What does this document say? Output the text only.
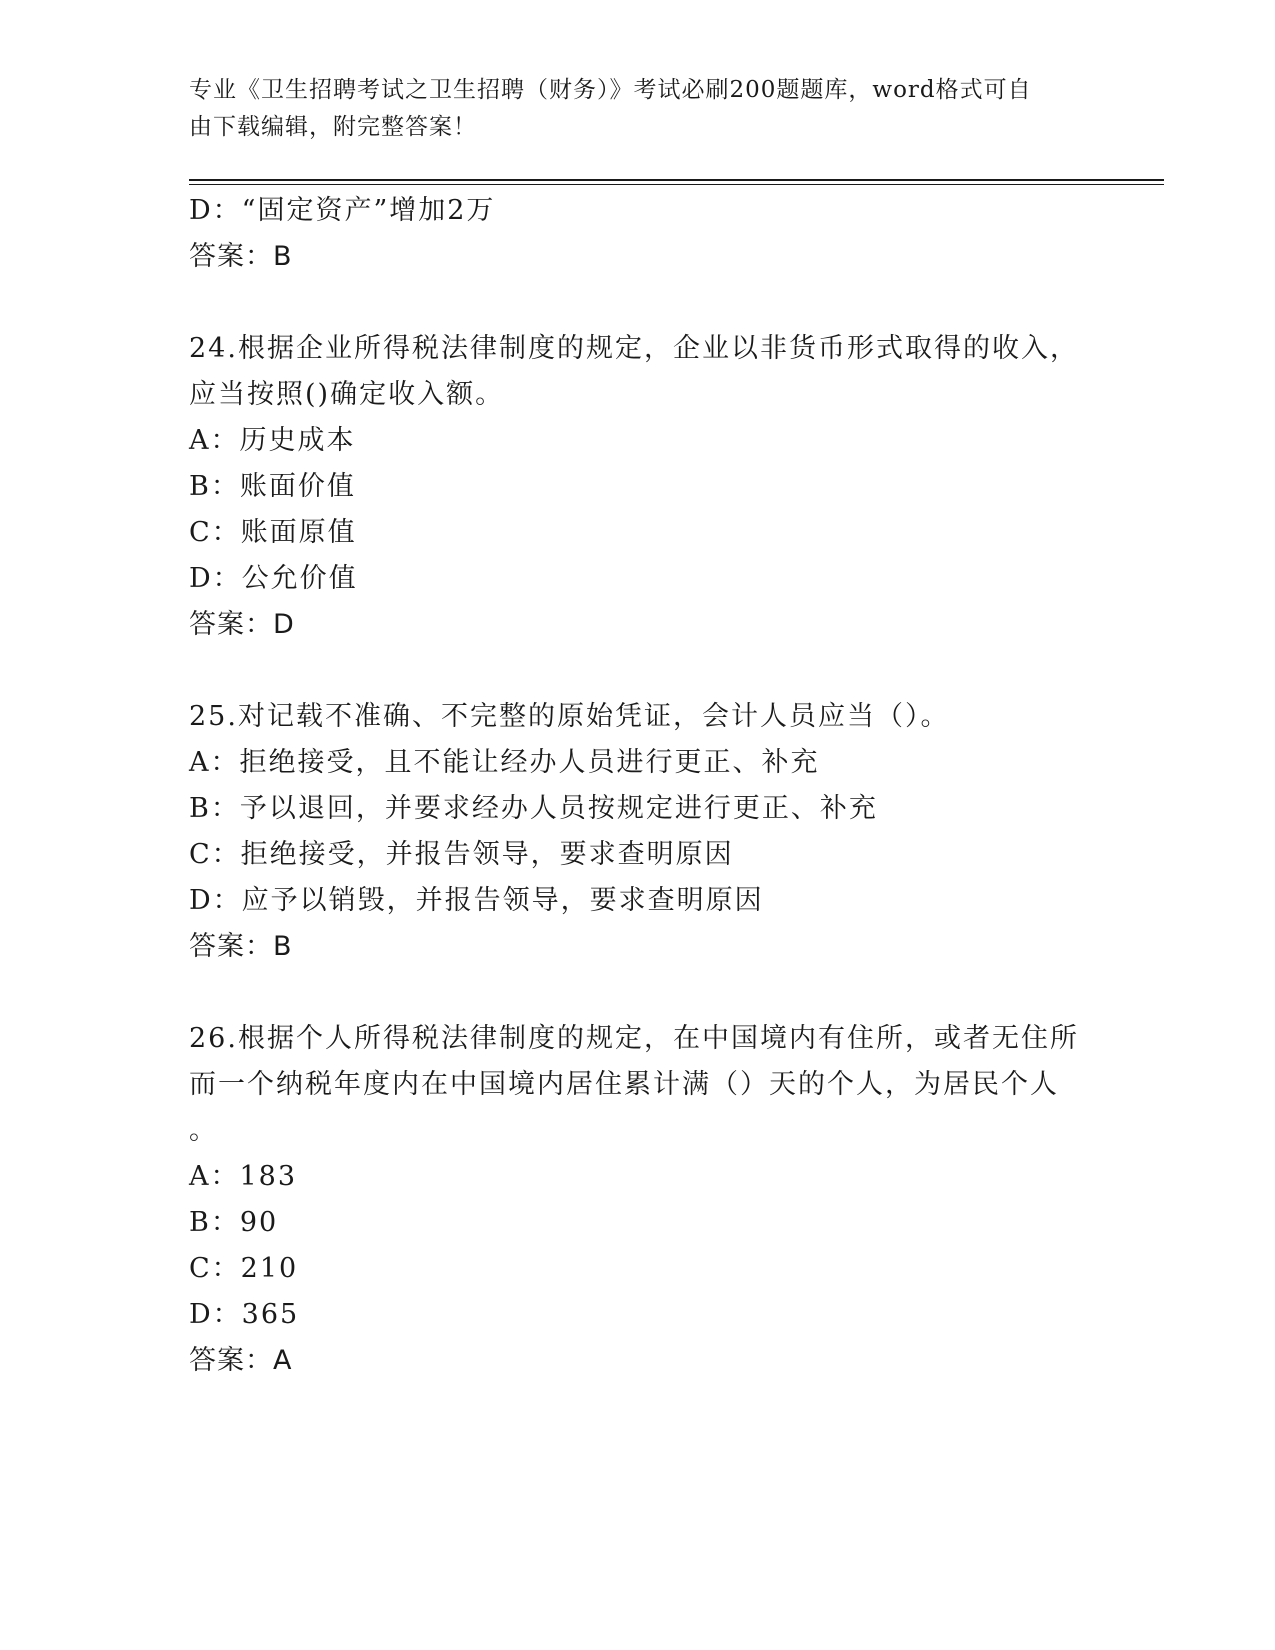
专业《卫生招聘考试之卫生招聘（财务）》考试必刷200题题库，word格式可自
由下载编辑，附完整答案！
D：“固定资产”增加2万
答案：B
24.根据企业所得税法律制度的规定，企业以非货币形式取得的收入，
应当按照()确定收入额。
A：历史成本
B：账面价值
C：账面原值
D：公允价值
答案：D
25.对记载不准确、不完整的原始凭证，会计人员应当（）。
A：拒绝接受，且不能让经办人员进行更正、补充
B：予以退回，并要求经办人员按规定进行更正、补充
C：拒绝接受，并报告领导，要求查明原因
D：应予以销毁，并报告领导，要求查明原因
答案：B
26.根据个人所得税法律制度的规定，在中国境内有住所，或者无住所
而一个纳税年度内在中国境内居住累计满（）天的个人，为居民个人
。
A：183
B：90
C：210
D：365
答案：A
